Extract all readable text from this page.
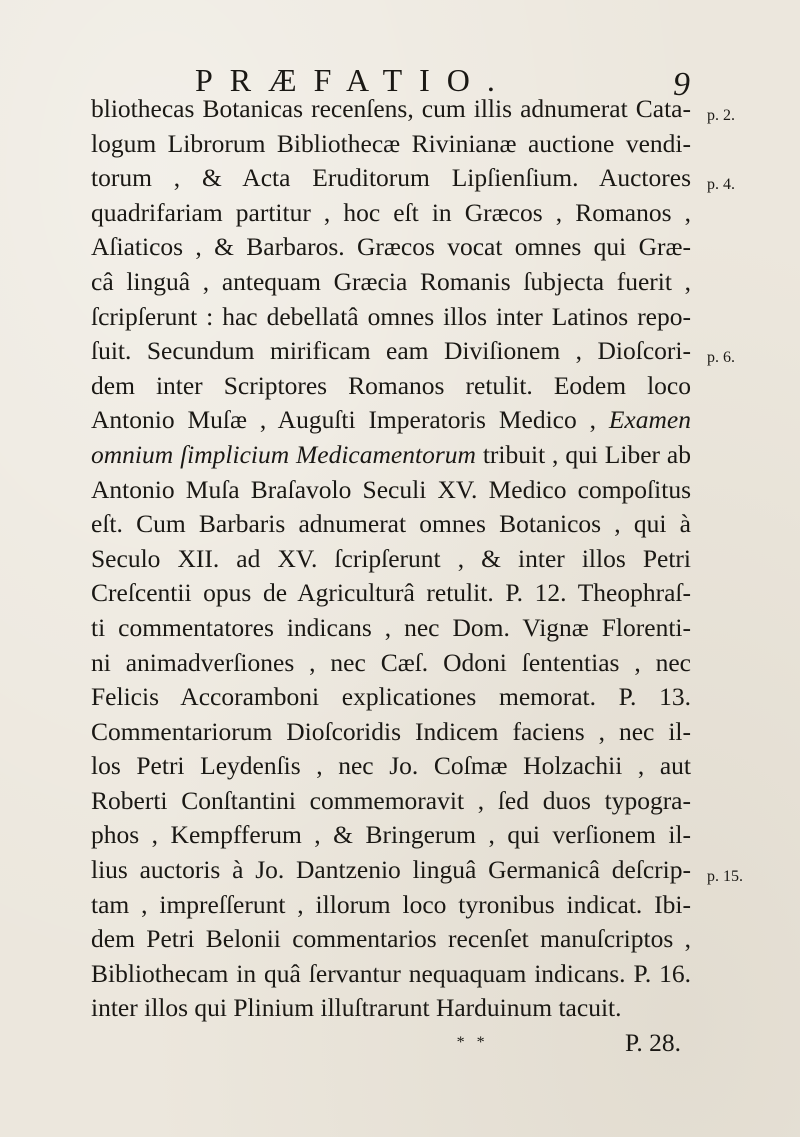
PRÆFATIO.	9
bliothecas Botanicas recenſens, cum illis adnumerat Cata-
logum Librorum Bibliothecæ Rivinianæ auctione vendi-
torum , & Acta Eruditorum Lipſienſium. Auctores
quadrifariam partitur , hoc eſt in Græcos , Romanos ,
Aſiaticos , & Barbaros. Græcos vocat omnes qui Græ-
câ linguâ , antequam Græcia Romanis ſubjecta fuerit ,
ſcripſerunt : hac debellatâ omnes illos inter Latinos repo-
ſuit. Secundum mirificam eam Diviſionem , Dioſcori-
dem inter Scriptores Romanos retulit. Eodem loco
Antonio Muſæ , Auguſti Imperatoris Medico , Examen
omnium ſimplicium Medicamentorum tribuit , qui Liber ab
Antonio Muſa Braſavolo Seculi XV. Medico compoſitus
eſt. Cum Barbaris adnumerat omnes Botanicos , qui à
Seculo XII. ad XV. ſcripſerunt , & inter illos Petri
Creſcentii opus de Agriculturâ retulit. P. 12. Theophraſ-
ti commentatores indicans , nec Dom. Vignæ Florenti-
ni animadverſiones , nec Cæſ. Odoni ſententias , nec
Felicis Accoramboni explicationes memorat. P. 13.
Commentariorum Dioſcoridis Indicem faciens , nec il-
los Petri Leydenſis , nec Jo. Coſmæ Holzachii , aut
Roberti Conſtantini commemoravit , ſed duos typogra-
phos , Kempfferum , & Bringerum , qui verſionem il-
lius auctoris à Jo. Dantzenio linguâ Germanicâ deſcrip-
tam , impreſſerunt , illorum loco tyronibus indicat. Ibi-
dem Petri Belonii commentarios recenſet manuſcriptos ,
Bibliothecam in quâ ſervantur nequaquam indicans. P. 16.
inter illos qui Plinium illuſtrarunt Harduinum tacuit.
* *	P. 28.
p. 2.
p. 4.
p. 6.
p. 15.
